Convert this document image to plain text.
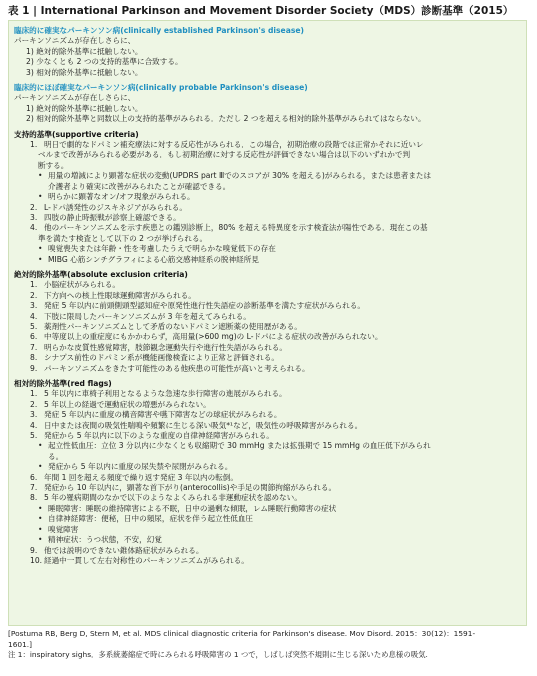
表 1 | International Parkinson and Movement Disorder Society（MDS）診断基準（2015）
臨床的に確実なパーキンソン病(clinically established Parkinson's disease)
パーキンソニズムが存在しさらに、
1) 絶対的除外基準に抵触しない。
2) 少なくとも 2 つの支持的基準に合致する。
3) 相対的除外基準に抵触しない。
臨床的にほぼ確実なパーキンソン病(clinically probable Parkinson's disease)
パーキンソニズムが存在しさらに、
1) 絶対的除外基準に抵触しない。
2) 相対的除外基準と同数以上の支持的基準がみられる．ただし 2 つを超える相対的除外基準がみられてはならない。
支持的基準(supportive criteria)
1. 明日で劇的なドパミン補充療法に対する反応性がみられる．この場合，初期治療の段階では正常かそれに近いレ
ベルまで改善がみられる必要がある．もし初期治療に対する反応性が評価できない場合は以下のいずれかで判
断する。
• 用量の増減により顕著な症状の変動(UPDRS part Ⅲでのスコアが 30% を超える)がみられる，または患者または
介護者より確実に改善がみられたことが確認できる。
• 明らかに顕著なオン/オフ現象がみられる。
2. L-ドパ誘発性のジスキネジアがみられる。
3. 四肢の静止時振戦が診察上確認できる。
4. 他のパーキンソニズムを示す疾患との鑑別診断上，80% を超える特異度を示す検査法が陽性である．現在この基
準を満たす検査として以下の 2 つが挙げられる。
• 嗅覚喪失または年齢・性を考慮したうえで明らかな嗅覚低下の存在
• MIBG 心筋シンチグラフィによる心筋交感神経系の脱神経所見
絶対的除外基準(absolute exclusion criteria)
1. 小脳症状がみられる。
2. 下方向への核上性眼球運動障害がみられる。
3. 発症 5 年以内に前頭側頭型認知症や原発性進行性失語症の診断基準を満たす症状がみられる。
4. 下肢に限局したパーキンソニズムが 3 年を超えてみられる。
5. 薬剤性パーキンソニズムとして矛盾のないドパミン遮断薬の使用歴がある。
6. 中等度以上の重症度にもかかわらず，高用量(>600 mg)の L-ドパによる症状の改善がみられない。
7. 明らかな皮質性感覚障害，肢節観念運動失行や進行性失語がみられる。
8. シナプス前性のドパミン系が機能画像検査により正常と評価される。
9. パーキンソニズムをきたす可能性のある他疾患の可能性が高いと考えられる。
相対的除外基準(red flags)
1. 5 年以内に車椅子利用となるような急速な歩行障害の進展がみられる。
2. 5 年以上の経過で運動症状の増悪がみられない。
3. 発症 5 年以内に重度の構音障害や嚥下障害などの球症状がみられる。
4. 日中または夜間の吸気性喘鳴や頻繁に生じる深い吸気*¹など，吸気性の呼吸障害がみられる。
5. 発症から 5 年以内に以下のような重度の自律神経障害がみられる。
• 起立性低血圧：立位 3 分以内に少なくとも収縮期で 30 mmHg または拡張期で 15 mmHg の血圧低下がみられ
る。
• 発症から 5 年以内に重度の尿失禁や尿閉がみられる。
6. 年間 1 回を超える頻度で繰り返す発症 3 年以内の転倒。
7. 発症から 10 年以内に，顕著な首下がり(anterocollis)や手足の関節拘縮がみられる。
8. 5 年の罹病期間のなかで以下のようなよくみられる非運動症状を認めない。
• 睡眠障害：睡眠の維持障害による不眠，日中の過剰な傾眠，レム睡眠行動障害の症状
• 自律神経障害：便秘，日中の頻尿，症状を伴う起立性低血圧
• 嗅覚障害
• 精神症状：うつ状態，不安，幻覚
9. 他では説明のできない錐体路症状がみられる。
10. 経過中一貫して左右対称性のパーキンソニズムがみられる。
[Postuma RB, Berg D, Stern M, et al. MDS clinical diagnostic criteria for Parkinson's disease. Mov Disord. 2015：30(12)：1591-
1601.]
注 1：inspiratory sighs．多系統萎縮症で時にみられる呼吸障害の 1 つで，しばしば突然不規則に生じる深いため息様の吸気.
